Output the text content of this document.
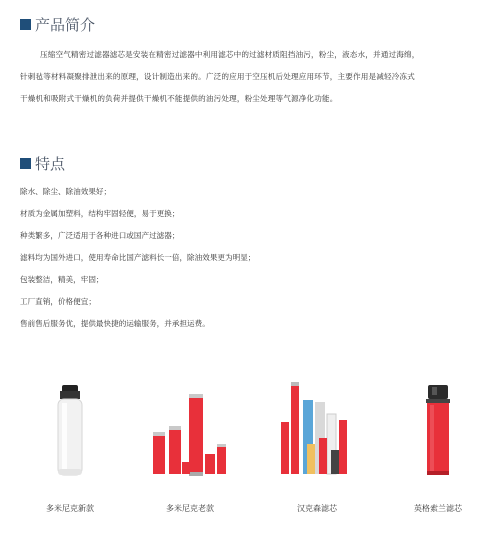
产品简介
压缩空气精密过滤器滤芯是安装在精密过滤器中利用滤芯中的过滤材质阻挡油污，粉尘，液态水，并通过海绵，
针刺毡等材料凝聚排泄出来的原理，设计制造出来的。广泛的应用于空压机后处理应用环节，主要作用是减轻冷冻式
干燥机和吸附式干燥机的负荷并提供干燥机不能提供的油污处理，粉尘处理等气源净化功能。
特点
除水、除尘、除油效果好；
材质为金属加塑料，结构牢固轻便，易于更换；
种类繁多，广泛适用于各种进口或国产过滤器；
滤料均为国外进口，使用寿命比国产滤料长一倍，除油效果更为明显；
包装整洁，精美，牢固；
工厂直销，价格便宜；
售前售后服务优，提供最快捷的运输服务，并承担运费。
多米尼克新款	多米尼克老款	汉克森滤芯	英格索兰滤芯
